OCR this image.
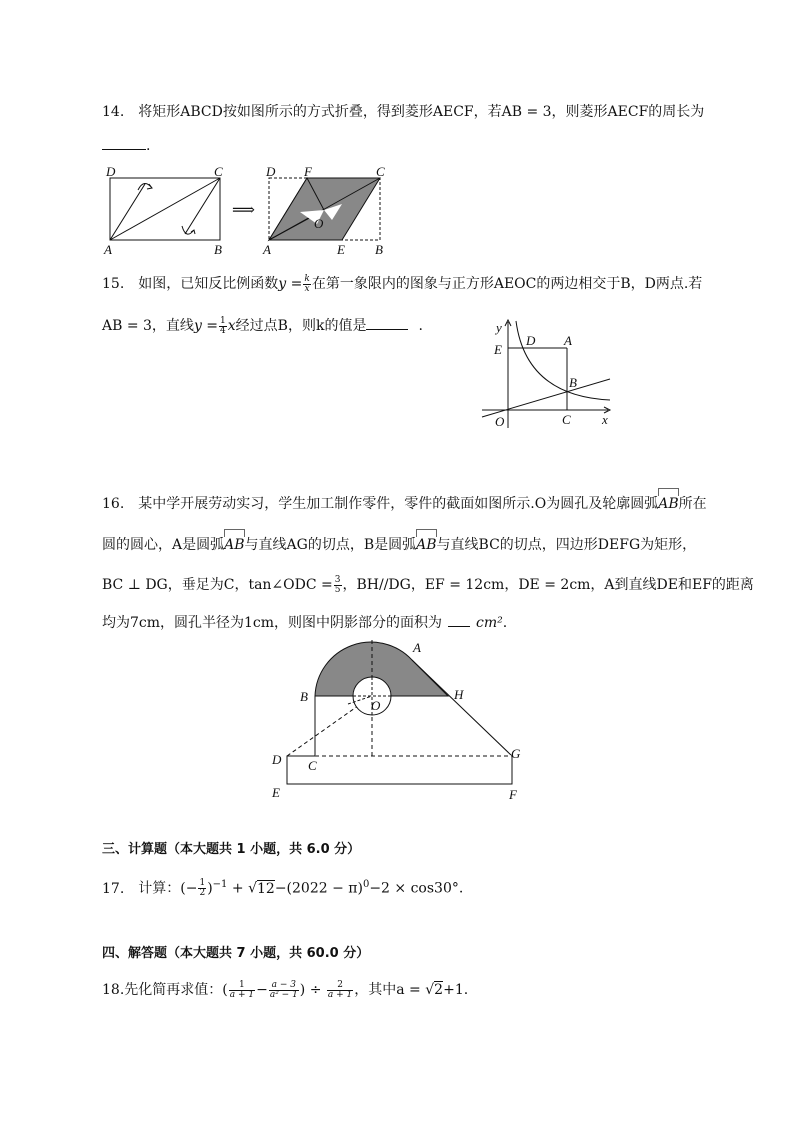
14. 将矩形ABCD按如图所示的方式折叠，得到菱形AECF，若AB = 3，则菱形AECF的周长为
.
D	C
A	B
⟹
D F	C
O
A	E B
15. 如图，已知反比例函数$y = \frac{k}{x}$ 在第一象限内的图象与正方形AEOC的两边相交于B，D两点.若
AB = 3，直线$y = \frac{1}{4}$ x经过点B，则k的值是	.	y
x
E
D A
B
O	C
16. 某中学开展劳动实习，学生加工制作零件，零件的截面如图所示.O为圆孔及轮廓圆弧AB所在
圆的圆心，A是圆弧AB与直线AG的切点，B是圆弧AB与直线BC的切点，四边形DEFG为矩形，
BC ⊥ DG，垂足为C，tan∠ODC = $\frac{3}{5}$ ，BH//DG，EF = 12cm，DE = 2cm，A到直线DE和EF的距离
均为7cm，圆孔半径为1cm，则图中阴影部分的面积为 cm².
A
B	H
O
D C
G
E	F
三、计算题（本大题共 1 小题，共 6.0 分）
17. 计算：(− $\frac{1}{2} )^{-1} + √12-(2022 - \pi)^0-2 \times \cos 30^\circ$.
四、解答题（本大题共 7 小题，共 60.0 分）
18.先化简再求值：( $\frac{1}{a + 1} - \frac{a - 3}{\text{a² − 1}}$ ) ÷ $\frac{2}{a + 1}$ ，其中a = √2+1.
